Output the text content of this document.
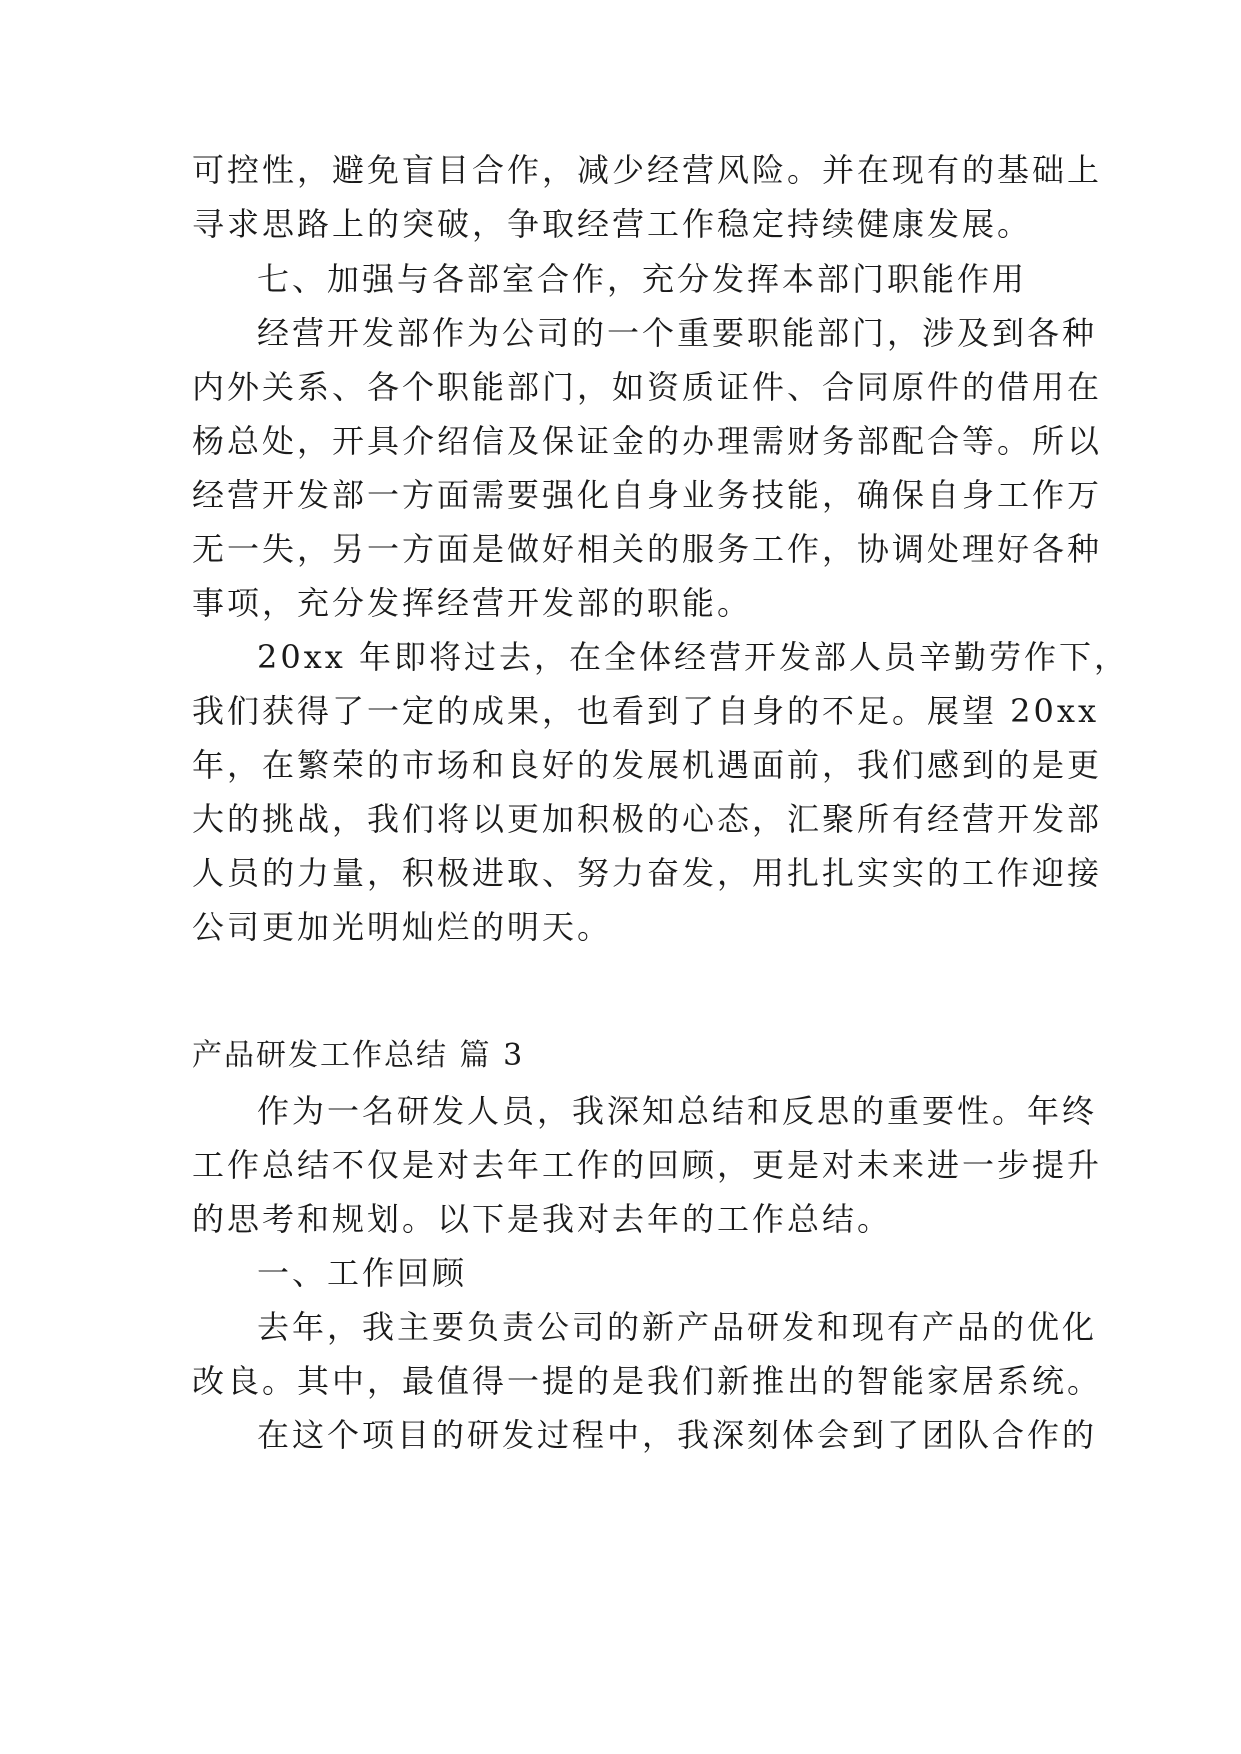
可控性，避免盲目合作，减少经营风险。并在现有的基础上

寻求思路上的突破，争取经营工作稳定持续健康发展。

七、加强与各部室合作，充分发挥本部门职能作用

经营开发部作为公司的一个重要职能部门，涉及到各种

内外关系、各个职能部门，如资质证件、合同原件的借用在

杨总处，开具介绍信及保证金的办理需财务部配合等。所以

经营开发部一方面需要强化自身业务技能，确保自身工作万

无一失，另一方面是做好相关的服务工作，协调处理好各种

事项，充分发挥经营开发部的职能。

20xx 年即将过去，在全体经营开发部人员辛勤劳作下，

我们获得了一定的成果，也看到了自身的不足。展望 20xx

年，在繁荣的市场和良好的发展机遇面前，我们感到的是更

大的挑战，我们将以更加积极的心态，汇聚所有经营开发部

人员的力量，积极进取、努力奋发，用扎扎实实的工作迎接

公司更加光明灿烂的明天。

产品研发工作总结 篇 3

作为一名研发人员，我深知总结和反思的重要性。年终

工作总结不仅是对去年工作的回顾，更是对未来进一步提升

的思考和规划。以下是我对去年的工作总结。

一、工作回顾

去年，我主要负责公司的新产品研发和现有产品的优化

改良。其中，最值得一提的是我们新推出的智能家居系统。

在这个项目的研发过程中，我深刻体会到了团队合作的
